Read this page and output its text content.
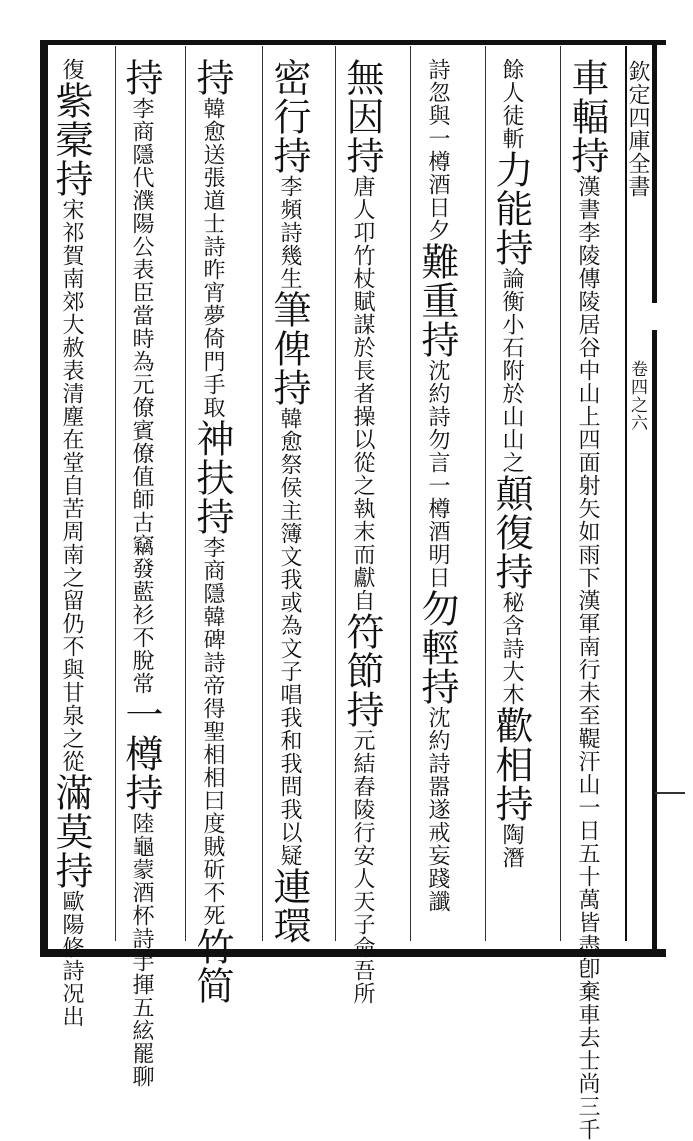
欽定四庫全書
卷四之六
車輻持漢書李陵傳陵居谷中山上四面射矢如雨下漢軍南行未至鞮汗山一日五十萬皆盡卽棄車去士尚三千
餘人徒斬力能持論衡小石附於山山之顛復持秘含詩大木歡相持陶潛
詩忽與一樽酒日夕難重持沈約詩勿言一樽酒明日勿輕持沈約詩嚣遂戒妄踐讖
無因持唐人卭竹杖賦謀於長者操以從之執末而獻自符節持元結舂陵行安人天子命吾所
密行持李頻詩幾生筆俾持韓愈祭侯主簿文我或為文子唱我和我問我以疑連環
持韓愈送張道士詩昨宵夢倚門手取神扶持李商隱韓碑詩帝得聖相相曰度賊斫不死竹简
持李商隱代濮陽公表臣當時為元僚賓僚值師古竊發藍衫不脫常一樽持陸龜蒙酒杯詩手揮五絃罷聊
復紫槖持宋祁賀南郊大赦表清塵在堂自苦周南之留仍不與甘泉之從滿莫持歐陽修詩况出
